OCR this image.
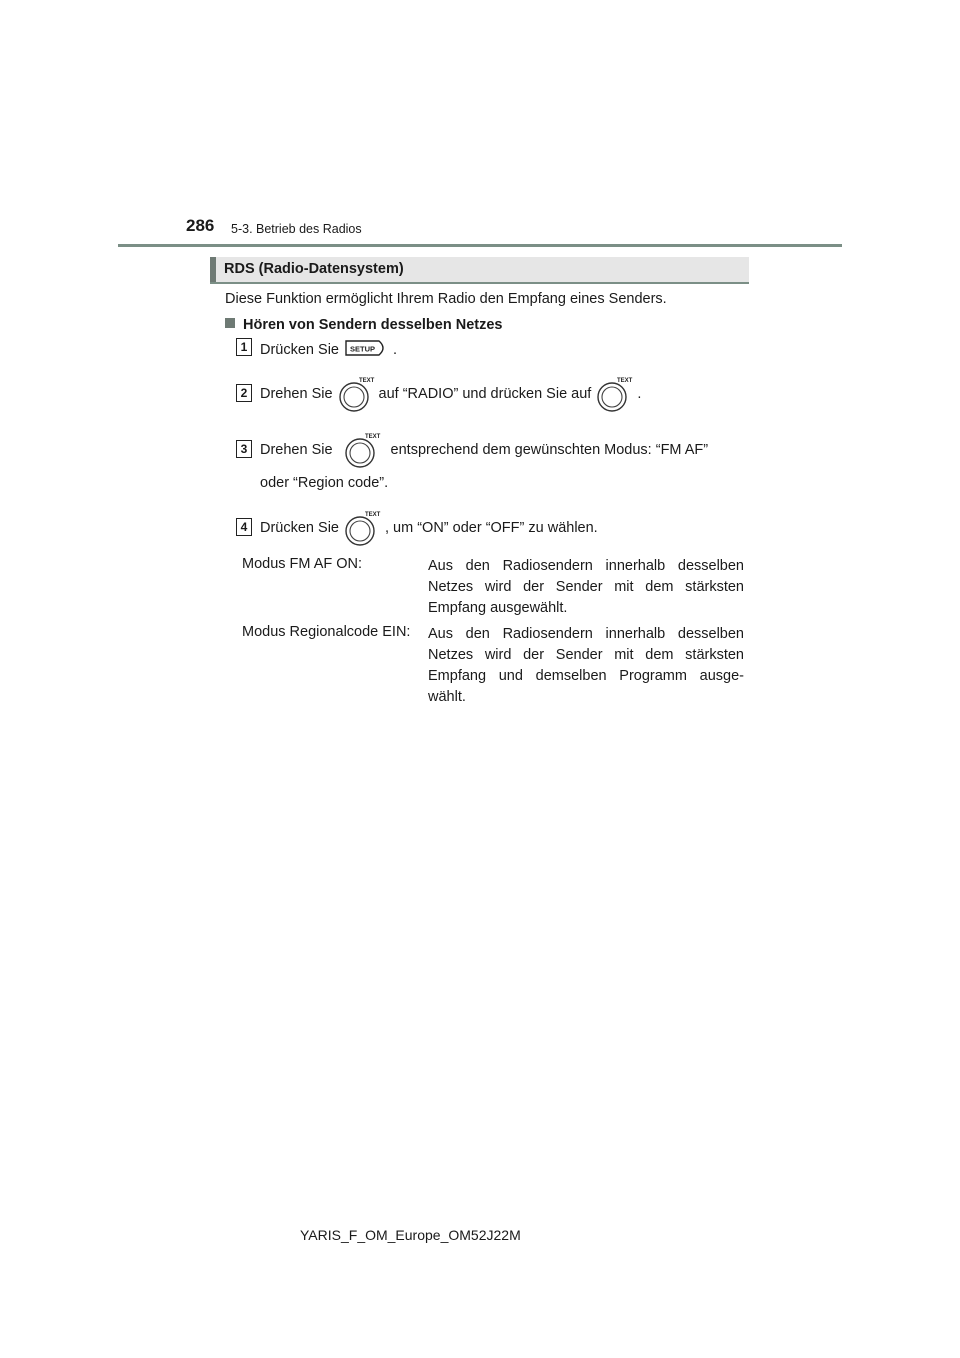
286 5-3. Betrieb des Radios
RDS (Radio-Datensystem)
Diese Funktion ermöglicht Ihrem Radio den Empfang eines Senders.
Hören von Sendern desselben Netzes
1 Drücken Sie SETUP .
2 Drehen Sie
TEXT
auf “RADIO” und drücken Sie auf
TEXT
.
3 Drehen Sie
TEXT
entsprechend dem gewünschten Modus: “FM AF”
oder “Region code”.
4 Drücken Sie
TEXT
, um “ON” oder “OFF” zu wählen.
Modus FM AF ON:	Aus den Radiosendern innerhalb desselben Netzes wird der Sender mit dem stärksten Empfang ausgewählt.
Modus Regionalcode EIN: Aus den Radiosendern innerhalb desselben Netzes wird der Sender mit dem stärksten Empfang und demselben Programm ausge-wählt.
YARIS_F_OM_Europe_OM52J22M
